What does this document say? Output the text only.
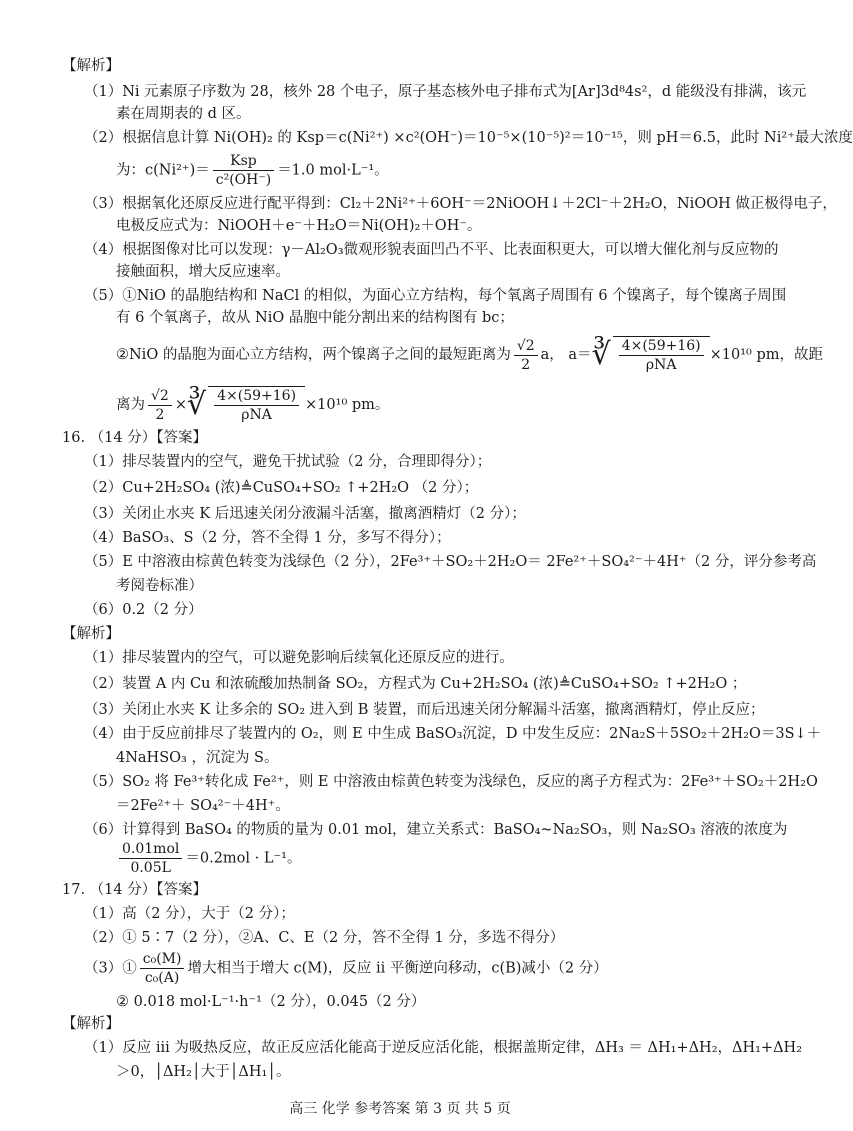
【解析】
（1）Ni 元素原子序数为 28，核外 28 个电子，原子基态核外电子排布式为[Ar]3d⁸4s²，d 能级没有排满，该元
素在周期表的 d 区。
（2）根据信息计算 Ni(OH)₂ 的 Ksp＝c(Ni²⁺) ×c²(OH⁻)＝10⁻⁵×(10⁻⁵)²＝10⁻¹⁵，则 pH＝6.5，此时 Ni²⁺最大浓度
为：$c(Ni^{2+})= \frac{\text{Ksp}}{\text{c²(OH⁻)}} =1.0$ mol·L⁻¹。
（3）根据氧化还原反应进行配平得到：Cl₂＋2Ni²⁺＋6OH⁻＝2NiOOH↓＋2Cl⁻＋2H₂O，NiOOH 做正极得电子，
电极反应式为：NiOOH＋e⁻＋H₂O＝Ni(OH)₂＋OH⁻。
（4）根据图像对比可以发现：γ－Al₂O₃微观形貌表面凹凸不平、比表面积更大，可以增大催化剂与反应物的
接触面积，增大反应速率。
（5）①NiO 的晶胞结构和 NaCl 的相似，为面心立方结构，每个氧离子周围有 6 个镍离子，每个镍离子周围
有 6 个氧离子，故从 NiO 晶胞中能分割出来的结构图有 bc；
②NiO 的晶胞为面心立方结构，两个镍离子之间的最短距离为 $\frac{√2}{2}$ a， a＝∛ $\frac{4\times(59+16)}{\text{ρNA}} \times 10^{10}$ pm，故距
离为 $\frac{√2}{2}$ ×∛ $\frac{4\times(59+16)}{\text{ρNA}} \times 10^{10}$ pm。
16. （14 分）【答案】
（1）排尽装置内的空气，避免干扰试验（2 分，合理即得分）；
（2）Cu+2H₂SO₄ (浓)≜CuSO₄+SO₂ ↑+2H₂O （2 分）；
（3）关闭止水夹 K 后迅速关闭分液漏斗活塞，撤离酒精灯（2 分）；
（4）BaSO₃、S（2 分，答不全得 1 分，多写不得分）；
（5）E 中溶液由棕黄色转变为浅绿色（2 分），2Fe³⁺＋SO₂＋2H₂O＝ 2Fe²⁺＋SO₄²⁻＋4H⁺（2 分，评分参考高
考阅卷标准）
（6）0.2（2 分）
【解析】
（1）排尽装置内的空气，可以避免影响后续氧化还原反应的进行。
（2）装置 A 内 Cu 和浓硫酸加热制备 SO₂，方程式为 Cu+2H₂SO₄ (浓)≜CuSO₄+SO₂ ↑+2H₂O ；
（3）关闭止水夹 K 让多余的 SO₂ 进入到 B 装置，而后迅速关闭分解漏斗活塞，撤离酒精灯，停止反应；
（4）由于反应前排尽了装置内的 O₂，则 E 中生成 BaSO₃沉淀，D 中发生反应：2Na₂S＋5SO₂＋2H₂O＝3S↓＋
4NaHSO₃ ，沉淀为 S。
（5）SO₂ 将 Fe³⁺转化成 Fe²⁺，则 E 中溶液由棕黄色转变为浅绿色，反应的离子方程式为：2Fe³⁺＋SO₂＋2H₂O
＝2Fe²⁺＋ SO₄²⁻＋4H⁺。
（6）计算得到 BaSO₄ 的物质的量为 0.01 mol，建立关系式：BaSO₄~Na₂SO₃，则 Na₂SO₃ 溶液的浓度为
$\frac{\text{0.01mol}}{0.05L} =0.2mol \cdot L^{-1}$。
17. （14 分）【答案】
（1）高（2 分），大于（2 分）；
（2）① 5∶7（2 分），②A、C、E（2 分，答不全得 1 分，多选不得分）
（3）① $\frac{\text{c₀(M)}}{\text{c₀(A)}}$ 增大相当于增大 c(M)，反应 ii 平衡逆向移动，c(B)减小（2 分）
② 0.018 mol·L⁻¹·h⁻¹（2 分），0.045（2 分）
【解析】
（1）反应 iii 为吸热反应，故正反应活化能高于逆反应活化能，根据盖斯定律，ΔH₃ ＝ ΔH₁+ΔH₂，ΔH₁+ΔH₂
＞0，│ΔH₂│大于│ΔH₁│。
高三 化学 参考答案 第 3 页 共 5 页
